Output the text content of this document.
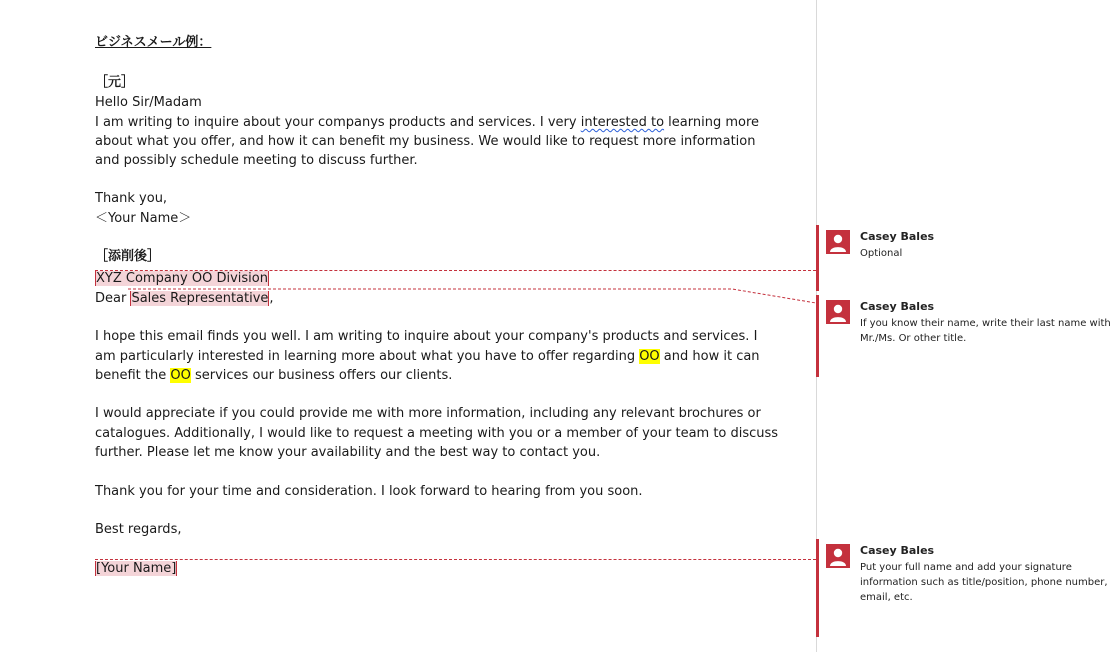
ビジネスメール例：
［元］
Hello Sir/Madam
I am writing to inquire about your companys products and services. I very interested to learning more
about what you offer, and how it can benefit my business. We would like to request more information
and possibly schedule meeting to discuss further.
Thank you,
＜Your Name＞
［添削後］
XYZ Company OO Division
Dear Sales Representative,
I hope this email finds you well. I am writing to inquire about your company's products and services. I
am particularly interested in learning more about what you have to offer regarding OO and how it can
benefit the OO services our business offers our clients.
I would appreciate if you could provide me with more information, including any relevant brochures or
catalogues. Additionally, I would like to request a meeting with you or a member of your team to discuss
further. Please let me know your availability and the best way to contact you.
Thank you for your time and consideration. I look forward to hearing from you soon.
Best regards,
[Your Name]
Casey Bales
Optional
Casey Bales
If you know their name, write their last name with Mr./Ms. Or other title.
Casey Bales
Put your full name and add your signature information such as title/position, phone number, email, etc.
